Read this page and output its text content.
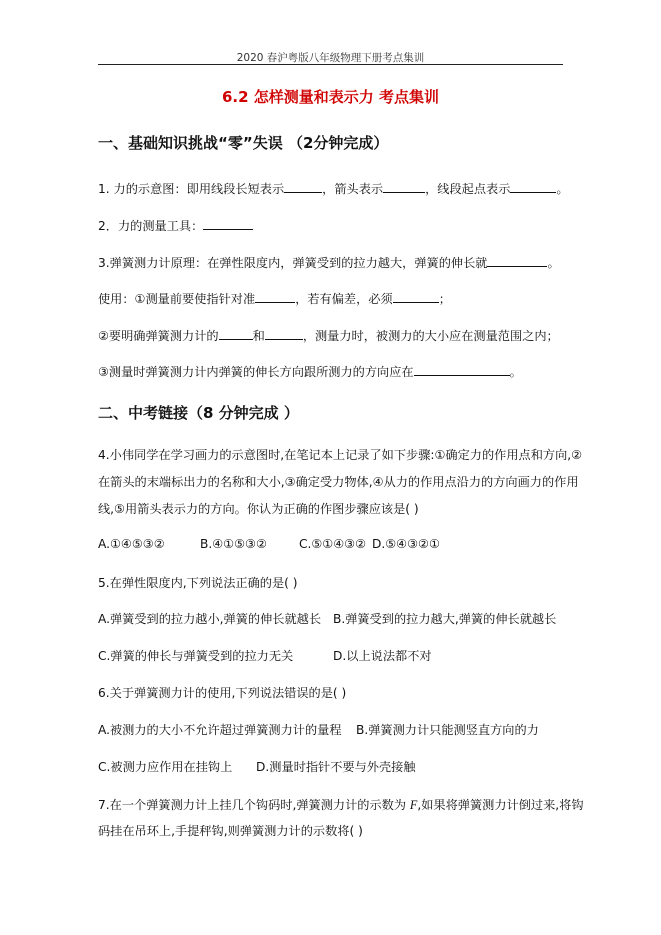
2020 春沪粤版八年级物理下册考点集训
6.2 怎样测量和表示力 考点集训
一、基础知识挑战“零”失误 （2分钟完成）
1. 力的示意图：即用线段长短表示	，箭头表示	，线段起点表示	。
2．力的测量工具：
3.弹簧测力计原理：在弹性限度内，弹簧受到的拉力越大，弹簧的伸长就	。
使用：①测量前要使指针对准	，若有偏差，必须	；
②要明确弹簧测力计的	和	，测量力时，被测力的大小应在测量范围之内；
③测量时弹簧测力计内弹簧的伸长方向跟所测力的方向应在	。
二、中考链接（8 分钟完成 ）
4.小伟同学在学习画力的示意图时,在笔记本上记录了如下步骤:①确定力的作用点和方向,②
在箭头的末端标出力的名称和大小,③确定受力物体,④从力的作用点沿力的方向画力的作用
线,⑤用箭头表示力的方向。你认为正确的作图步骤应该是( )
A.①④⑤③②	B.④①⑤③②	C.⑤①④③② D.⑤④③②①
5.在弹性限度内,下列说法正确的是( )
A.弹簧受到的拉力越小,弹簧的伸长就越长 B.弹簧受到的拉力越大,弹簧的伸长就越长
C.弹簧的伸长与弹簧受到的拉力无关	D.以上说法都不对
6.关于弹簧测力计的使用,下列说法错误的是( )
A.被测力的大小不允许超过弹簧测力计的量程 B.弹簧测力计只能测竖直方向的力
C.被测力应作用在挂钩上 D.测量时指针不要与外壳接触
7.在一个弹簧测力计上挂几个钩码时,弹簧测力计的示数为 F,如果将弹簧测力计倒过来,将钩
码挂在吊环上,手提秤钩,则弹簧测力计的示数将( )
